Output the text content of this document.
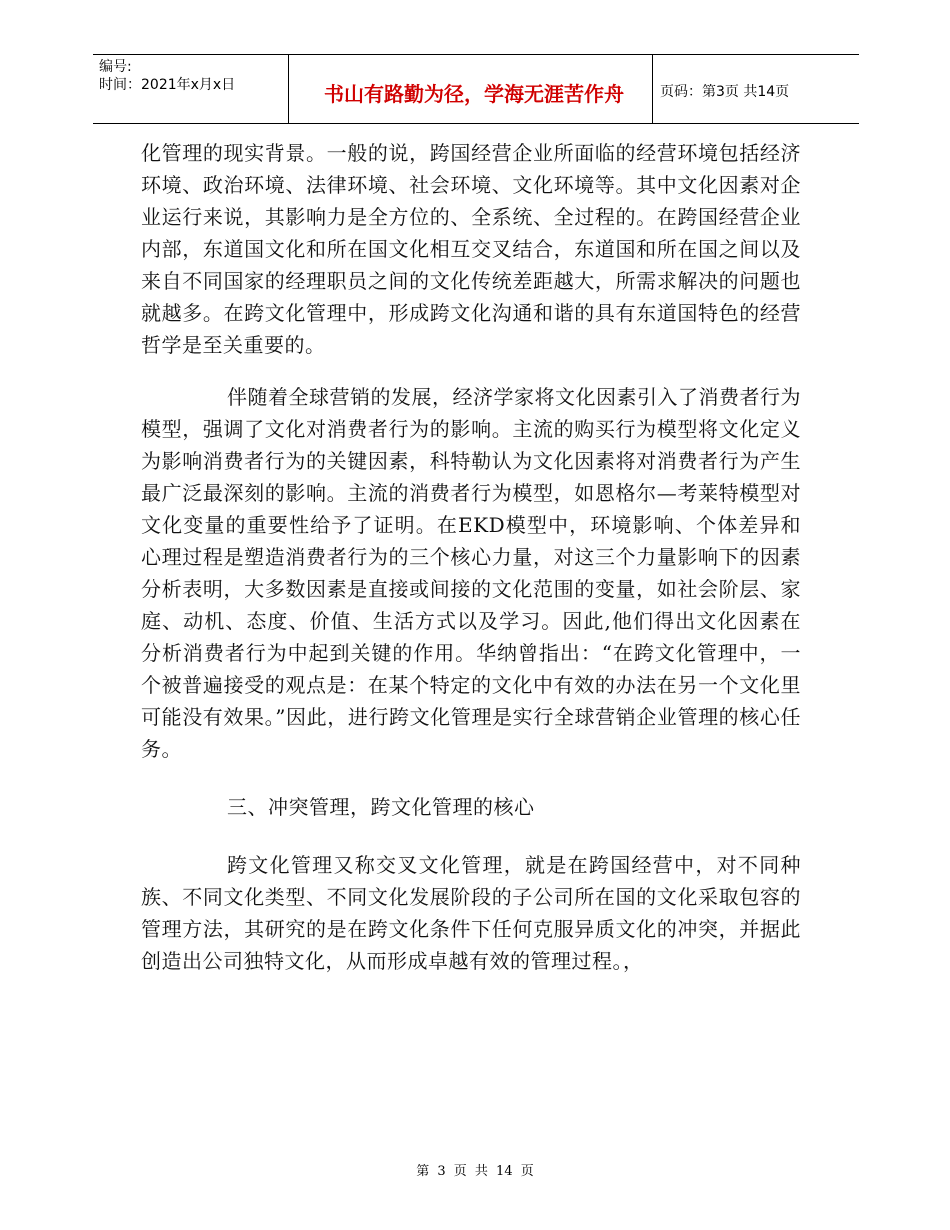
编号:
时间：2021年x月x日	书山有路勤为径，学海无涯苦作舟	页码：第3页 共14页

化管理的现实背景。一般的说，跨国经营企业所面临的经营环境包括经济环境、政治环境、法律环境、社会环境、文化环境等。其中文化因素对企业运行来说，其影响力是全方位的、全系统、全过程的。在跨国经营企业内部，东道国文化和所在国文化相互交叉结合，东道国和所在国之间以及来自不同国家的经理职员之间的文化传统差距越大，所需求解决的问题也就越多。在跨文化管理中，形成跨文化沟通和谐的具有东道国特色的经营哲学是至关重要的。

伴随着全球营销的发展，经济学家将文化因素引入了消费者行为模型，强调了文化对消费者行为的影响。主流的购买行为模型将文化定义为影响消费者行为的关键因素，科特勒认为文化因素将对消费者行为产生最广泛最深刻的影响。主流的消费者行为模型，如恩格尔—考莱特模型对文化变量的重要性给予了证明。在EKD模型中，环境影响、个体差异和心理过程是塑造消费者行为的三个核心力量，对这三个力量影响下的因素分析表明，大多数因素是直接或间接的文化范围的变量，如社会阶层、家庭、动机、态度、价值、生活方式以及学习。因此,他们得出文化因素在分析消费者行为中起到关键的作用。华纳曾指出：“在跨文化管理中，一个被普遍接受的观点是：在某个特定的文化中有效的办法在另一个文化里可能没有效果。”因此，进行跨文化管理是实行全球营销企业管理的核心任务。

三、冲突管理，跨文化管理的核心

跨文化管理又称交叉文化管理，就是在跨国经营中，对不同种族、不同文化类型、不同文化发展阶段的子公司所在国的文化采取包容的管理方法，其研究的是在跨文化条件下任何克服异质文化的冲突，并据此创造出公司独特文化，从而形成卓越有效的管理过程。，

第 3 页 共 14 页
